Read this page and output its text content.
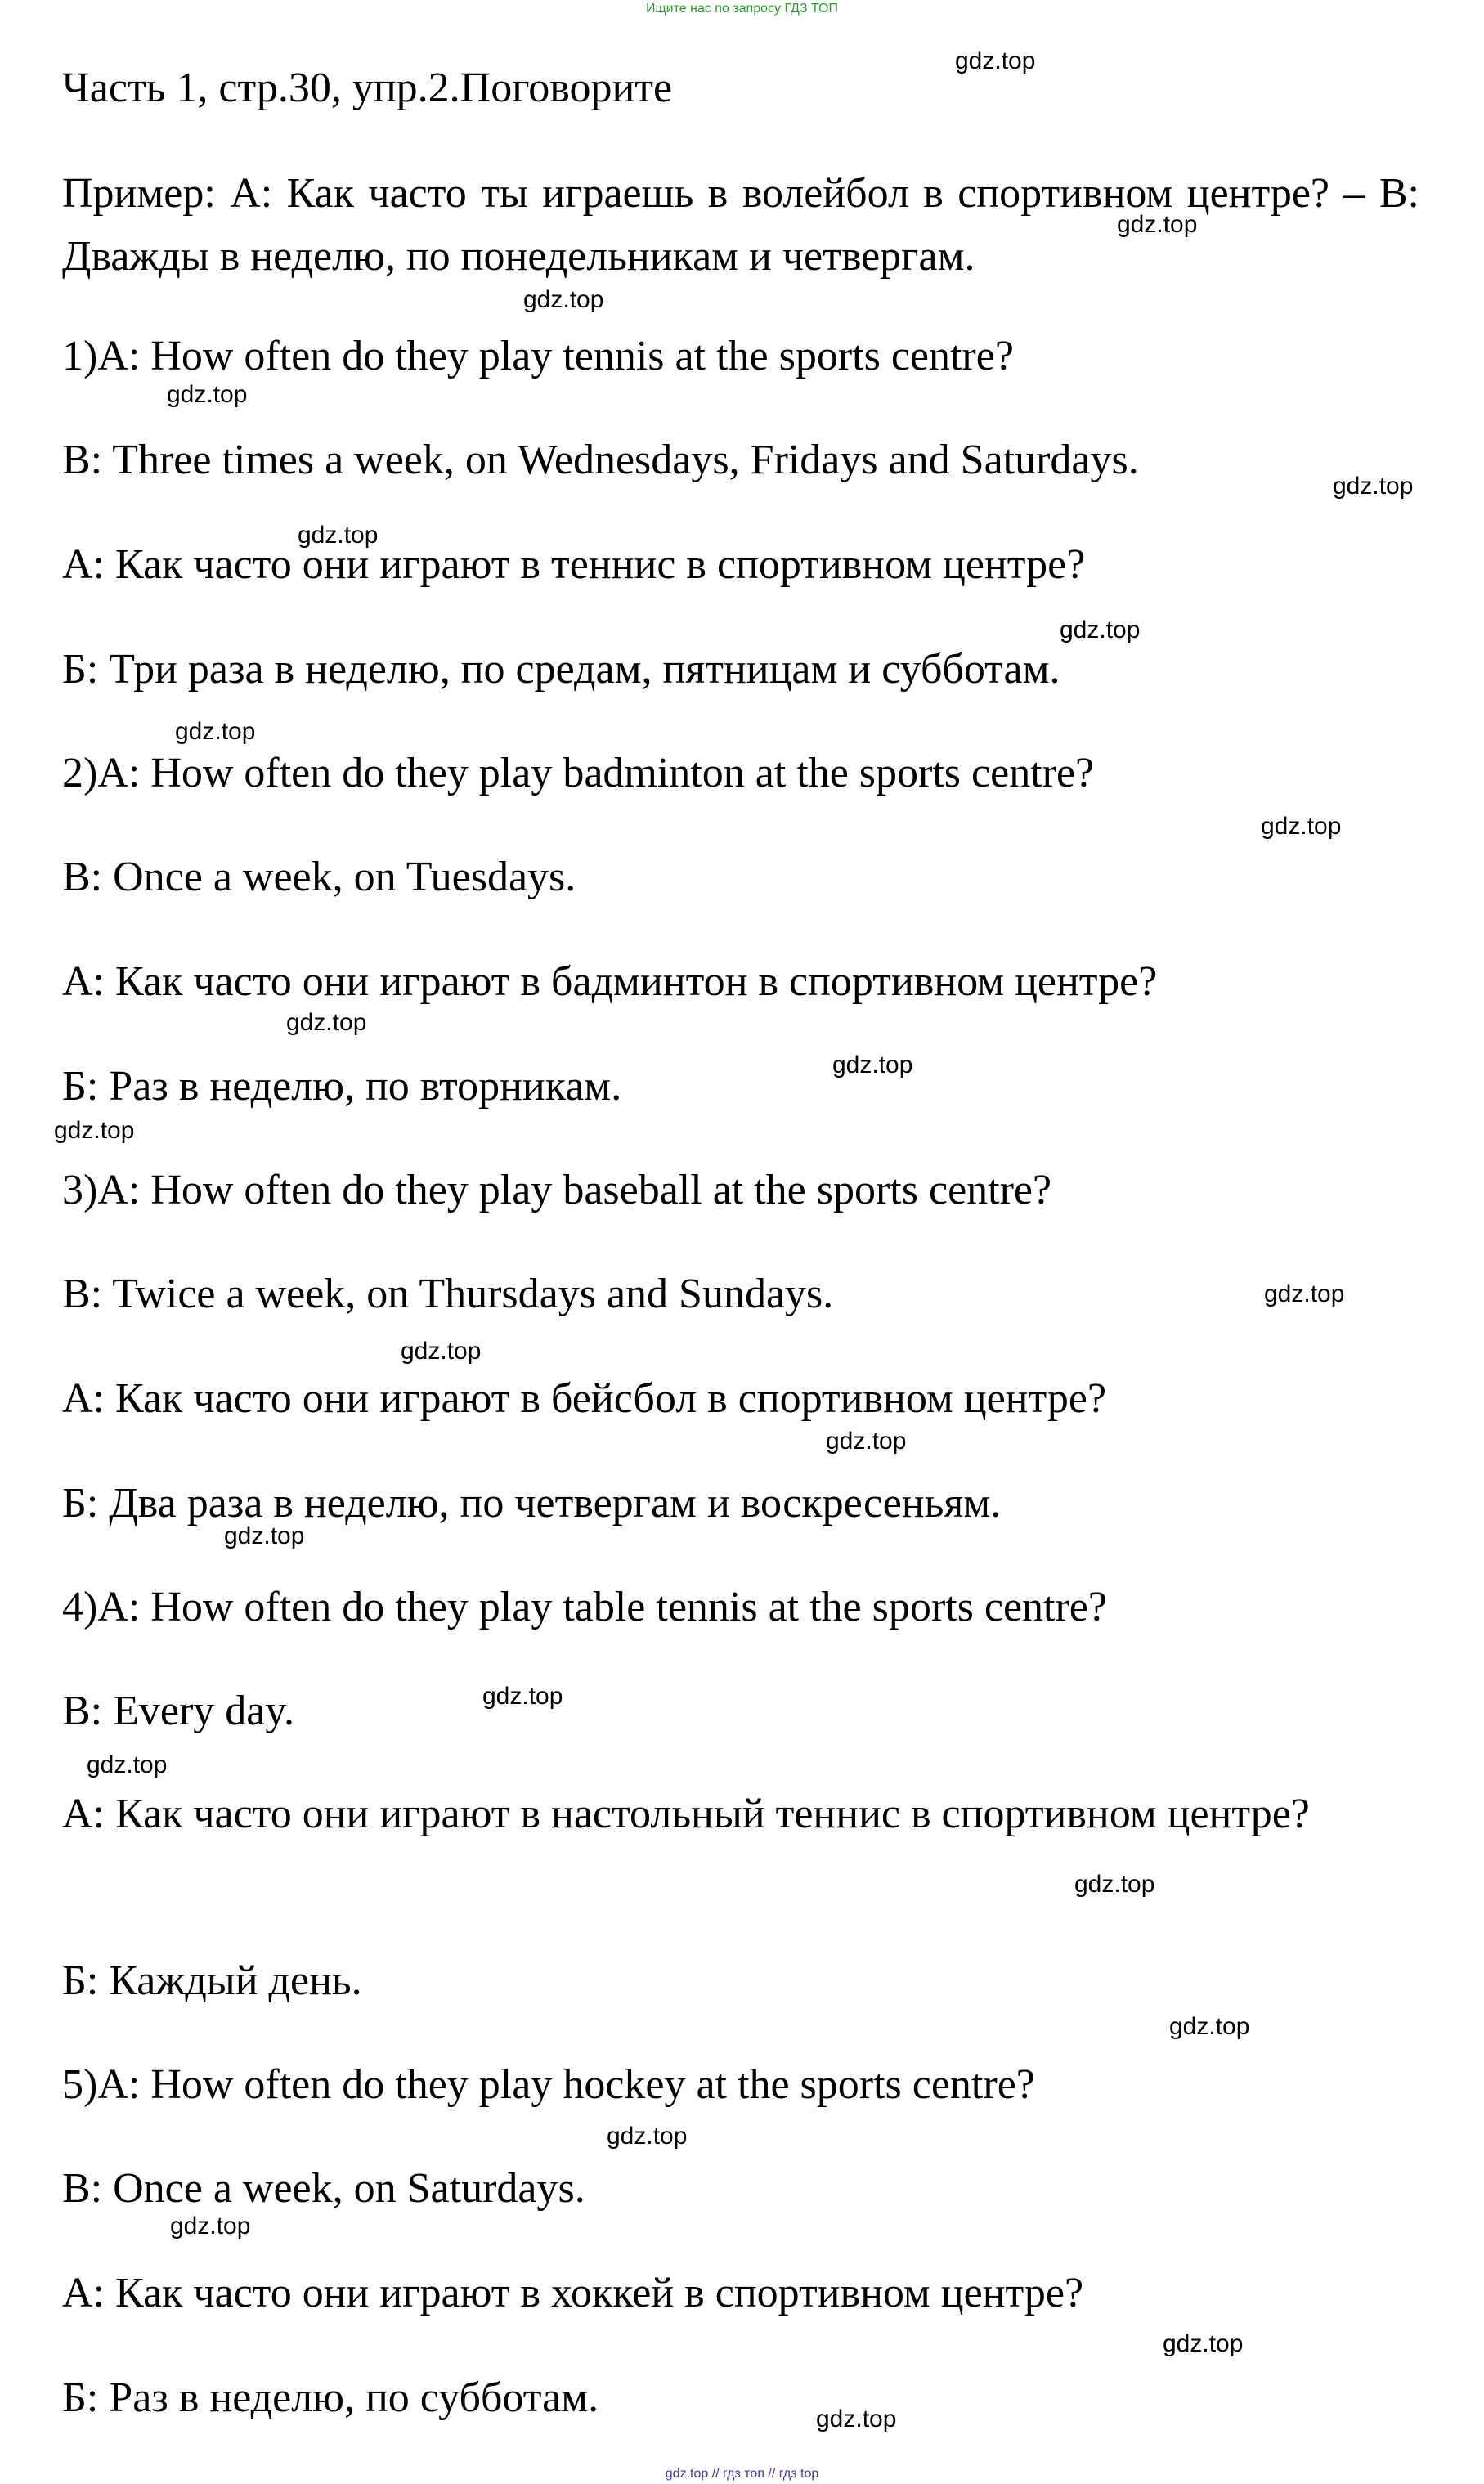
Ищите нас по запросу ГДЗ ТОП
Часть 1, стр.30, упр.2.Поговорите
Пример: А: Как часто ты играешь в волейбол в спортивном центре? – В: Дважды в неделю, по понедельникам и четвергам.
1)A: How often do they play tennis at the sports centre?
B: Three times a week, on Wednesdays, Fridays and Saturdays.
А: Как часто они играют в теннис в спортивном центре?
Б: Три раза в неделю, по средам, пятницам и субботам.
2)A: How often do they play badminton at the sports centre?
B: Once a week, on Tuesdays.
А: Как часто они играют в бадминтон в спортивном центре?
Б: Раз в неделю, по вторникам.
3)A: How often do they play baseball at the sports centre?
B: Twice a week, on Thursdays and Sundays.
А: Как часто они играют в бейсбол в спортивном центре?
Б: Два раза в неделю, по четвергам и воскресеньям.
4)A: How often do they play table tennis at the sports centre?
B: Every day.
А: Как часто они играют в настольный теннис в спортивном центре?
Б: Каждый день.
5)A: How often do they play hockey at the sports centre?
B: Once a week, on Saturdays.
А: Как часто они играют в хоккей в спортивном центре?
Б: Раз в неделю, по субботам.
gdz.top
gdz.top
gdz.top
gdz.top
gdz.top
gdz.top
gdz.top
gdz.top
gdz.top
gdz.top
gdz.top
gdz.top
gdz.top
gdz.top
gdz.top
gdz.top
gdz.top
gdz.top
gdz.top
gdz.top
gdz.top
gdz.top
gdz.top
gdz.top
gdz.top // гдз топ // гдз top
